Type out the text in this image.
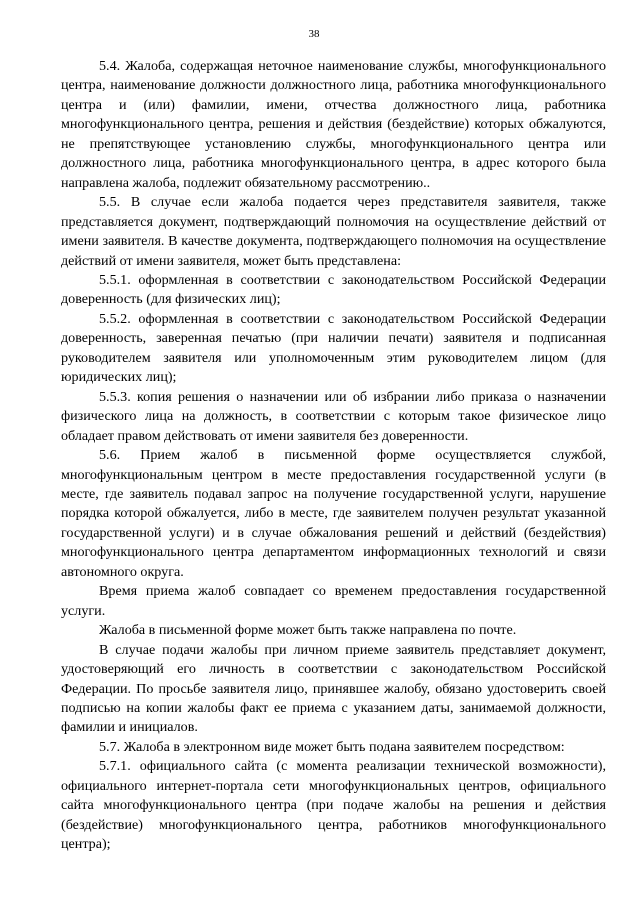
38

5.4. Жалоба, содержащая неточное наименование службы, многофункционального центра, наименование должности должностного лица, работника многофункционального центра и (или) фамилии, имени, отчества должностного лица, работника многофункционального центра, решения и действия (бездействие) которых обжалуются, не препятствующее установлению службы, многофункционального центра или должностного лица, работника многофункционального центра, в адрес которого была направлена жалоба, подлежит обязательному рассмотрению..

5.5. В случае если жалоба подается через представителя заявителя, также представляется документ, подтверждающий полномочия на осуществление действий от имени заявителя. В качестве документа, подтверждающего полномочия на осуществление действий от имени заявителя, может быть представлена:

5.5.1. оформленная в соответствии с законодательством Российской Федерации доверенность (для физических лиц);

5.5.2. оформленная в соответствии с законодательством Российской Федерации доверенность, заверенная печатью (при наличии печати) заявителя и подписанная руководителем заявителя или уполномоченным этим руководителем лицом (для юридических лиц);

5.5.3. копия решения о назначении или об избрании либо приказа о назначении физического лица на должность, в соответствии с которым такое физическое лицо обладает правом действовать от имени заявителя без доверенности.

5.6. Прием жалоб в письменной форме осуществляется службой, многофункциональным центром в месте предоставления государственной услуги (в месте, где заявитель подавал запрос на получение государственной услуги, нарушение порядка которой обжалуется, либо в месте, где заявителем получен результат указанной государственной услуги) и в случае обжалования решений и действий (бездействия) многофункционального центра департаментом информационных технологий и связи автономного округа.

Время приема жалоб совпадает со временем предоставления государственной услуги.

Жалоба в письменной форме может быть также направлена по почте.

В случае подачи жалобы при личном приеме заявитель представляет документ, удостоверяющий его личность в соответствии с законодательством Российской Федерации. По просьбе заявителя лицо, принявшее жалобу, обязано удостоверить своей подписью на копии жалобы факт ее приема с указанием даты, занимаемой должности, фамилии и инициалов.

5.7. Жалоба в электронном виде может быть подана заявителем посредством:

5.7.1. официального сайта (с момента реализации технической возможности), официального интернет-портала сети многофункциональных центров, официального сайта многофункционального центра (при подаче жалобы на решения и действия (бездействие) многофункционального центра, работников многофункционального центра);
